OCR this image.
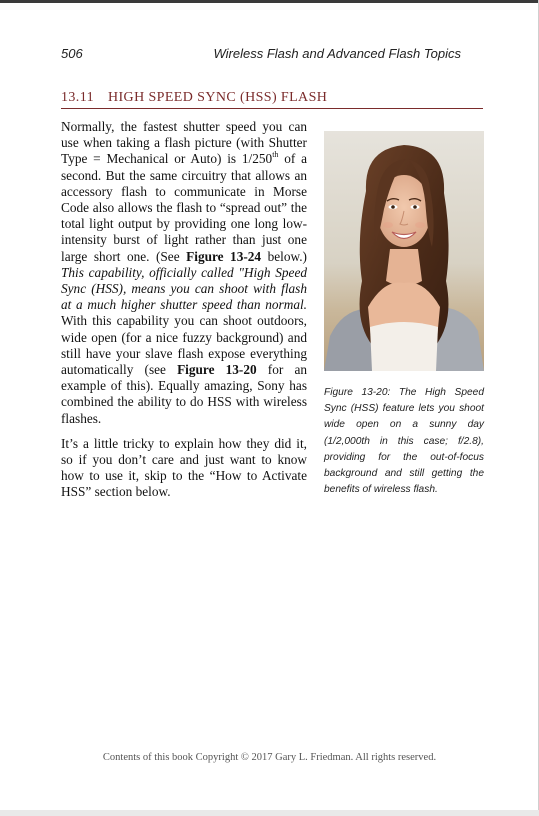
506	Wireless Flash and Advanced Flash Topics
13.11 HIGH SPEED SYNC (HSS) FLASH

Normally, the fastest shutter speed you can use when taking a flash picture (with Shutter Type = Mechanical or Auto) is 1/250th of a second. But the same circuitry that allows an accessory flash to communicate in Morse Code also allows the flash to “spread out” the total light output by providing one long low-intensity burst of light rather than just one large short one. (See Figure 13-24 below.) This capability, officially called "High Speed Sync (HSS), means you can shoot with flash at a much higher shutter speed than normal. With this capability you can shoot outdoors, wide open (for a nice fuzzy background) and still have your slave flash expose everything automatically (see Figure 13-20 for an example of this). Equally amazing, Sony has combined the ability to do HSS with wireless flashes.

It’s a little tricky to explain how they did it, so if you don’t care and just want to know how to use it, skip to the “How to Activate HSS” section below.

Figure 13-20: The High Speed Sync (HSS) feature lets you shoot wide open on a sunny day (1/2,000th in this case; f/2.8), providing for the out-of-focus background and still getting the benefits of wireless flash.
Contents of this book Copyright © 2017 Gary L. Friedman. All rights reserved.
